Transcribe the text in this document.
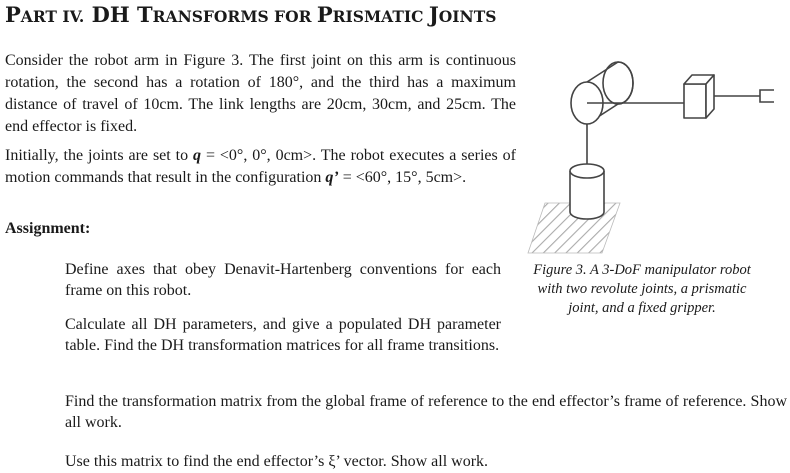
PART IV. DH TRANSFORMS FOR PRISMATIC JOINTS
Consider the robot arm in Figure 3. The first joint on this arm is continuous rotation, the second has a rotation of 180°, and the third has a maximum distance of travel of 10cm. The link lengths are 20cm, 30cm, and 25cm. The end effector is fixed.
Initially, the joints are set to q = <0°, 0°, 0cm>. The robot executes a series of motion commands that result in the configuration q’ = <60°, 15°, 5cm>.
Assignment:
Define axes that obey Denavit-Hartenberg conventions for each frame on this robot.
Calculate all DH parameters, and give a populated DH parameter table. Find the DH transformation matrices for all frame transitions.
Find the transformation matrix from the global frame of reference to the end effector’s frame of reference. Show all work.
Use this matrix to find the end effector’s ξ’ vector. Show all work.
Figure 3. A 3-DoF manipulator robot with two revolute joints, a prismatic joint, and a fixed gripper.
